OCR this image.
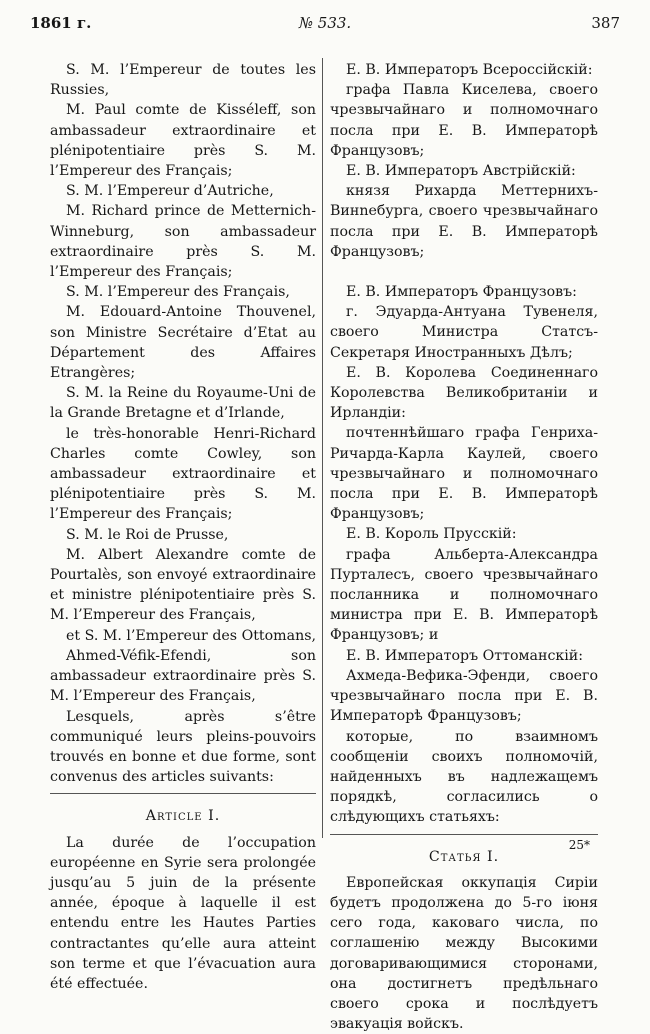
1861 г.	№ 533.	387

S. M. l’Empereur de toutes les Russies,

M. Paul comte de Kisséleff, son ambassadeur extraordinaire et plénipotentiaire près S. M. l’Empereur des Français;

S. M. l’Empereur d’Autriche,

M. Richard prince de Metternich-Winneburg, son ambassadeur extraordinaire près S. M. l’Empereur des Français;

S. M. l’Empereur des Français,

M. Edouard-Antoine Thouvenel, son Ministre Secrétaire d’Etat au Département des Affaires Etrangères;

S. M. la Reine du Royaume-Uni de la Grande Bretagne et d’Irlande,

le très-honorable Henri-Richard Charles comte Cowley, son ambassadeur extraordinaire et plénipotentiaire près S. M. l’Empereur des Français;

S. M. le Roi de Prusse,

M. Albert Alexandre comte de Pourtalès, son envoyé extraordinaire et ministre plénipotentiaire près S. M. l’Empereur des Français,

et S. M. l’Empereur des Ottomans,

Ahmed-Véfik-Efendi, son ambassadeur extraordinaire près S. M. l’Empereur des Français,

Lesquels, après s’être communiqué leurs pleins-pouvoirs trouvés en bonne et due forme, sont convenus des articles suivants:

Article I.

La durée de l’occupation européenne en Syrie sera prolongée jusqu’au 5 juin de la présente année, époque à laquelle il est entendu entre les Hautes Parties contractantes qu’elle aura atteint son terme et que l’évacuation aura été effectuée.

Е. В. Императоръ Всероссійскій:

графа Павла Киселева, своего чрезвычайнаго и полномочнаго посла при Е. В. Императорѣ Французовъ;

Е. В. Императоръ Австрійскій:

князя Рихарда Меттернихъ-Винneбурга, своего чрезвычайнаго посла при Е. В. Императорѣ Французовъ;

Е. В. Императоръ Французовъ:

г. Эдуарда-Антуана Тувенеля, своего Министра Статсъ-Секретаря Иностранныхъ Дѣлъ;

Е. В. Королева Соединеннаго Королевства Великобританіи и Ирландіи:

почтеннѣйшаго графа Генриха-Ричарда-Карла Каулей, своего чрезвычайнаго и полномочнаго посла при Е. В. Императорѣ Французовъ;

Е. В. Король Прусскій:

графа Альберта-Александра Пурталесъ, своего чрезвычайнаго посланника и полномочнаго министра при Е. В. Императорѣ Французовъ; и

Е. В. Императоръ Оттоманскій:

Ахмеда-Вефика-Эфенди, своего чрезвычайнаго посла при Е. В. Императорѣ Французовъ;

которые, по взаимномъ сообщеніи своихъ полномочій, найденныхъ въ надлежащемъ порядкѣ, согласились о слѣдующихъ статьяхъ:

Статья I.

Европейская оккупація Сиріи будетъ продолжена до 5-го іюня сего года, каковаго числа, по соглашенію между Высокими договаривающимися сторонами, она достигнетъ предѣльнаго своего срока и послѣдуетъ эвакуація войскъ.

25*
